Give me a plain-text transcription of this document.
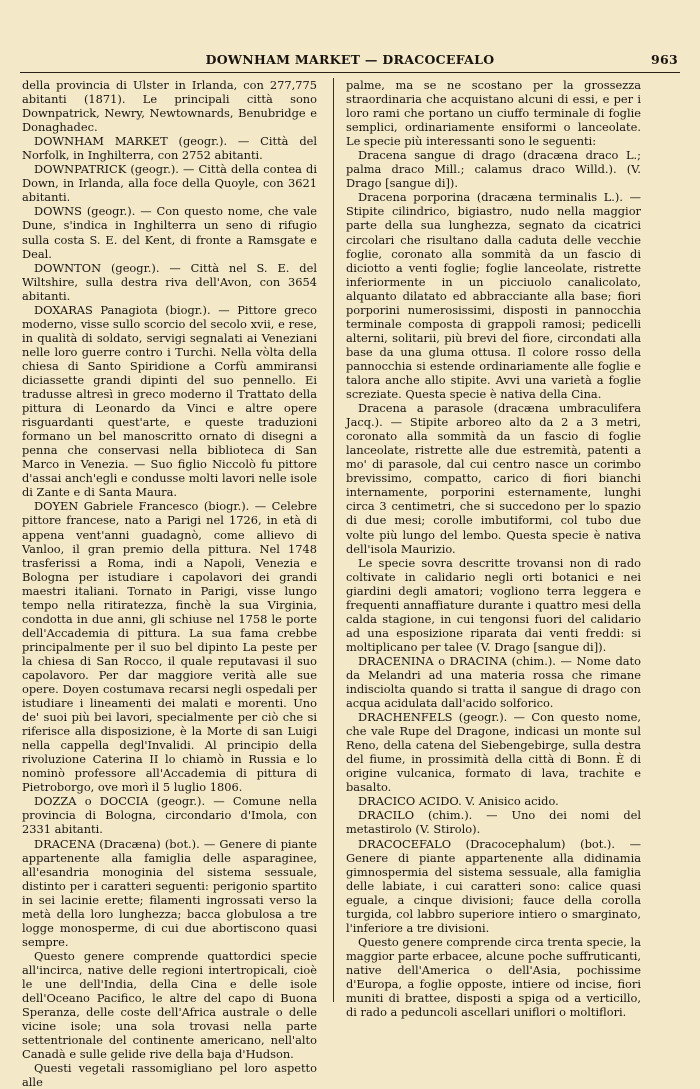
DOWNHAM MARKET — DRACOCEFALO	963

della provincia di Ulster in Irlanda, con 277,775 abitanti (1871). Le principali città sono Downpatrick, Newry, Newtownards, Benubridge e Donaghadec.

DOWNHAM MARKET (geogr.). — Città del Norfolk, in Inghilterra, con 2752 abitanti.

DOWNPATRICK (geogr.). — Città della contea di Down, in Irlanda, alla foce della Quoyle, con 3621 abitanti.

DOWNS (geogr.). — Con questo nome, che vale Dune, s'indica in Inghilterra un seno di rifugio sulla costa S. E. del Kent, di fronte a Ramsgate e Deal.

DOWNTON (geogr.). — Città nel S. E. del Wiltshire, sulla destra riva dell'Avon, con 3654 abitanti.

DOXARAS Panagiota (biogr.). — Pittore greco moderno, visse sullo scorcio del secolo xvii, e rese, in qualità di soldato, servigi segnalati ai Veneziani nelle loro guerre contro i Turchi. Nella vòlta della chiesa di Santo Spiridione a Corfù ammiransi diciassette grandi dipinti del suo pennello. Ei tradusse altresì in greco moderno il Trattato della pittura di Leonardo da Vinci e altre opere risguardanti quest'arte, e queste traduzioni formano un bel manoscritto ornato di disegni a penna che conservasi nella biblioteca di San Marco in Venezia. — Suo figlio Niccolò fu pittore d'assai anch'egli e condusse molti lavori nelle isole di Zante e di Santa Maura.

DOYEN Gabriele Francesco (biogr.). — Celebre pittore francese, nato a Parigi nel 1726, in età di appena vent'anni guadagnò, come allievo di Vanloo, il gran premio della pittura. Nel 1748 trasferissi a Roma, indi a Napoli, Venezia e Bologna per istudiare i capolavori dei grandi maestri italiani. Tornato in Parigi, visse lungo tempo nella ritiratezza, finchè la sua Virginia, condotta in due anni, gli schiuse nel 1758 le porte dell'Accademia di pittura. La sua fama crebbe principalmente per il suo bel dipinto La peste per la chiesa di San Rocco, il quale reputavasi il suo capolavoro. Per dar maggiore verità alle sue opere. Doyen costumava recarsi negli ospedali per istudiare i lineamenti dei malati e morenti. Uno de' suoi più bei lavori, specialmente per ciò che si riferisce alla disposizione, è la Morte di san Luigi nella cappella degl'Invalidi. Al principio della rivoluzione Caterina II lo chiamò in Russia e lo nominò professore all'Accademia di pittura di Pietroborgo, ove morì il 5 luglio 1806.

DOZZA o DOCCIA (geogr.). — Comune nella provincia di Bologna, circondario d'Imola, con 2331 abitanti.

DRACENA (Dracæna) (bot.). — Genere di piante appartenente alla famiglia delle asparaginee, all'esandria monoginia del sistema sessuale, distinto per i caratteri seguenti: perigonio spartito in sei lacinie erette; filamenti ingrossati verso la metà della loro lunghezza; bacca globulosa a tre logge monosperme, di cui due abortiscono quasi sempre.

Questo genere comprende quattordici specie all'incirca, native delle regioni intertropicali, cioè le une dell'India, della Cina e delle isole dell'Oceano Pacifico, le altre del capo di Buona Speranza, delle coste dell'Africa australe o delle vicine isole; una sola trovasi nella parte settentrionale del continente americano, nell'alto Canadà e sulle gelide rive della baja d'Hudson.

Questi vegetali rassomigliano pel loro aspetto alle

palme, ma se ne scostano per la grossezza straordinaria che acquistano alcuni di essi, e per i loro rami che portano un ciuffo terminale di foglie semplici, ordinariamente ensiformi o lanceolate. Le specie più interessanti sono le seguenti:

Dracena sangue di drago (dracæna draco L.; palma draco Mill.; calamus draco Willd.). (V. Drago [sangue di]).

Dracena porporina (dracæna terminalis L.). — Stipite cilindrico, bigiastro, nudo nella maggior parte della sua lunghezza, segnato da cicatrici circolari che risultano dalla caduta delle vecchie foglie, coronato alla sommità da un fascio di diciotto a venti foglie; foglie lanceolate, ristrette inferiormente in un picciuolo canalicolato, alquanto dilatato ed abbracciante alla base; fiori porporini numerosissimi, disposti in pannocchia terminale composta di grappoli ramosi; pedicelli alterni, solitarii, più brevi del fiore, circondati alla base da una gluma ottusa. Il colore rosso della pannocchia si estende ordinariamente alle foglie e talora anche allo stipite. Avvi una varietà a foglie screziate. Questa specie è nativa della Cina.

Dracena a parasole (dracæna umbraculifera Jacq.). — Stipite arboreo alto da 2 a 3 metri, coronato alla sommità da un fascio di foglie lanceolate, ristrette alle due estremità, patenti a mo' di parasole, dal cui centro nasce un corimbo brevissimo, compatto, carico di fiori bianchi internamente, porporini esternamente, lunghi circa 3 centimetri, che si succedono per lo spazio di due mesi; corolle imbutiformi, col tubo due volte più lungo del lembo. Questa specie è nativa dell'isola Maurizio.

Le specie sovra descritte trovansi non di rado coltivate in calidario negli orti botanici e nei giardini degli amatori; vogliono terra leggera e frequenti annaffiature durante i quattro mesi della calda stagione, in cui tengonsi fuori del calidario ad una esposizione riparata dai venti freddi: si moltiplicano per talee (V. Drago [sangue di]).

DRACENINA o DRACINA (chim.). — Nome dato da Melandri ad una materia rossa che rimane indisciolta quando si tratta il sangue di drago con acqua acidulata dall'acido solforico.

DRACHENFELS (geogr.). — Con questo nome, che vale Rupe del Dragone, indicasi un monte sul Reno, della catena del Siebengebirge, sulla destra del fiume, in prossimità della città di Bonn. È di origine vulcanica, formato di lava, trachite e basalto.

DRACICO ACIDO. V. Anisico acido.

DRACILO (chim.). — Uno dei nomi del metastirolo (V. Stirolo).

DRACOCEFALO (Dracocephalum) (bot.). — Genere di piante appartenente alla didinamia gimnospermia del sistema sessuale, alla famiglia delle labiate, i cui caratteri sono: calice quasi eguale, a cinque divisioni; fauce della corolla turgida, col labbro superiore intiero o smarginato, l'inferiore a tre divisioni.

Questo genere comprende circa trenta specie, la maggior parte erbacee, alcune poche suffruticanti, native dell'America o dell'Asia, pochissime d'Europa, a foglie opposte, intiere od incise, fiori muniti di brattee, disposti a spiga od a verticillo, di rado a peduncoli ascellari uniflori o moltiflori.
